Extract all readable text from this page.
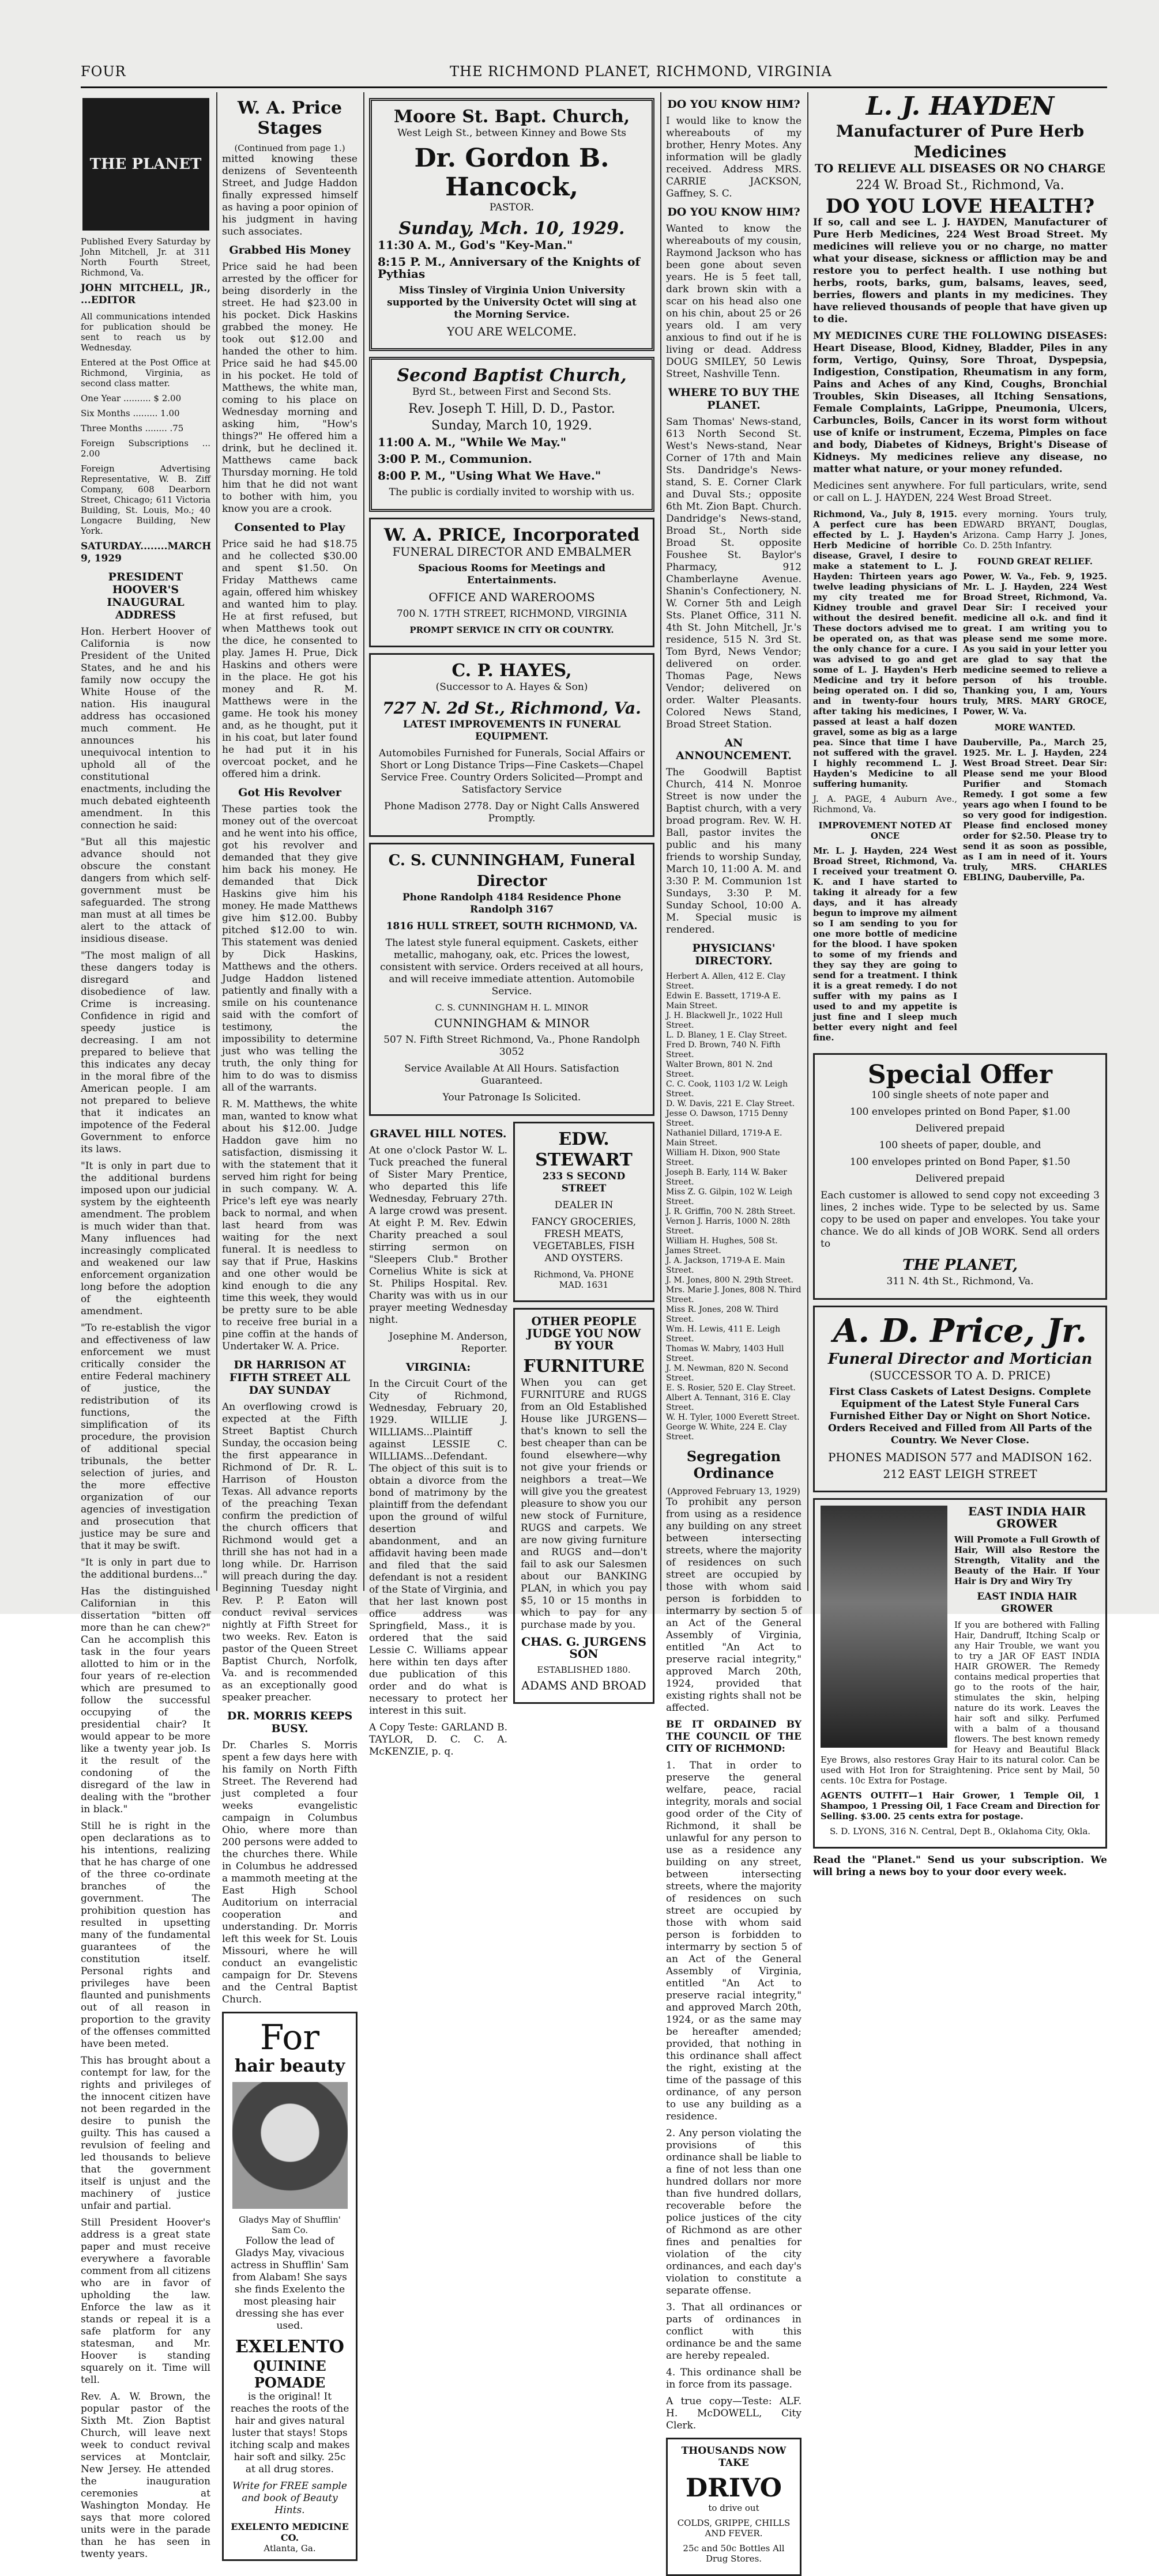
FOUR	THE RICHMOND PLANET, RICHMOND, VIRGINIA
THE PLANET

Published Every Saturday by John Mitchell, Jr. at 311 North Fourth Street, Richmond, Va.

JOHN MITCHELL, JR., ...EDITOR

All communications intended for publication should be sent to reach us by Wednesday.

Entered at the Post Office at Richmond, Virginia, as second class matter.

One Year .......... $ 2.00

Six Months ......... 1.00

Three Months ........ .75

Foreign Subscriptions ... 2.00

Foreign Advertising Representative, W. B. Ziff Company, 608 Dearborn Street, Chicago; 611 Victoria Building, St. Louis, Mo.; 40 Longacre Building, New York.

SATURDAY........MARCH 9, 1929

PRESIDENT HOOVER'S INAUGURAL ADDRESS

Hon. Herbert Hoover of California is now President of the United States, and he and his family now occupy the White House of the nation. His inaugural address has occasioned much comment. He announces his unequivocal intention to uphold all of the constitutional enactments, including the much debated eighteenth amendment. In this connection he said:

"But all this majestic advance should not obscure the constant dangers from which self-government must be safeguarded. The strong man must at all times be alert to the attack of insidious disease.

"The most malign of all these dangers today is disregard and disobedience of law. Crime is increasing. Confidence in rigid and speedy justice is decreasing. I am not prepared to believe that this indicates any decay in the moral fibre of the American people. I am not prepared to believe that it indicates an impotence of the Federal Government to enforce its laws.

"It is only in part due to the additional burdens imposed upon our judicial system by the eighteenth amendment. The problem is much wider than that. Many influences had increasingly complicated and weakened our law enforcement organization long before the adoption of the eighteenth amendment.

"To re-establish the vigor and effectiveness of law enforcement we must critically consider the entire Federal machinery of justice, the redistribution of its functions, the simplification of its procedure, the provision of additional special tribunals, the better selection of juries, and the more effective organization of our agencies of investigation and prosecution that justice may be sure and that it may be swift.

"It is only in part due to the additional burdens..."

Has the distinguished Californian in this dissertation "bitten off more than he can chew?" Can he accomplish this task in the four years allotted to him or in the four years of re-election which are presumed to follow the successful occupying of the presidential chair? It would appear to be more like a twenty year job. Is it the result of the condoning of the disregard of the law in dealing with the "brother in black."

Still he is right in the open declarations as to his intentions, realizing that he has charge of one of the three co-ordinate branches of the government. The prohibition question has resulted in upsetting many of the fundamental guarantees of the constitution itself. Personal rights and privileges have been flaunted and punishments out of all reason in proportion to the gravity of the offenses committed have been meted.

This has brought about a contempt for law, for the rights and privileges of the innocent citizen have not been regarded in the desire to punish the guilty. This has caused a revulsion of feeling and led thousands to believe that the government itself is unjust and the machinery of justice unfair and partial.

Still President Hoover's address is a great state paper and must receive everywhere a favorable comment from all citizens who are in favor of upholding the law. Enforce the law as it stands or repeal it is a safe platform for any statesman, and Mr. Hoover is standing squarely on it. Time will tell.

Rev. A. W. Brown, the popular pastor of the Sixth Mt. Zion Baptist Church, will leave next week to conduct revival services at Montclair, New Jersey. He attended the inauguration ceremonies at Washington Monday. He says that more colored units were in the parade than he has seen in twenty years.

W. A. Price Stages
(Continued from page 1.)

mitted knowing these denizens of Seventeenth Street, and Judge Haddon finally expressed himself as having a poor opinion of his judgment in having such associates.

Grabbed His Money

Price said he had been arrested by the officer for being disorderly in the street. He had $23.00 in his pocket. Dick Haskins grabbed the money. He took out $12.00 and handed the other to him. Price said he had $45.00 in his pocket. He told of Matthews, the white man, coming to his place on Wednesday morning and asking him, "How's things?" He offered him a drink, but he declined it. Matthews came back Thursday morning. He told him that he did not want to bother with him, you know you are a crook.

Consented to Play

Price said he had $18.75 and he collected $30.00 and spent $1.50. On Friday Matthews came again, offered him whiskey and wanted him to play. He at first refused, but when Matthews took out the dice, he consented to play. James H. Prue, Dick Haskins and others were in the place. He got his money and R. M. Matthews were in the game. He took his money and, as he thought, put it in his coat, but later found he had put it in his overcoat pocket, and he offered him a drink.

Got His Revolver

These parties took the money out of the overcoat and he went into his office, got his revolver and demanded that they give him back his money. He demanded that Dick Haskins give him his money. He made Matthews give him $12.00. Bubby pitched $12.00 to win. This statement was denied by Dick Haskins, Matthews and the others. Judge Haddon listened patiently and finally with a smile on his countenance said with the comfort of testimony, the impossibility to determine just who was telling the truth, the only thing for him to do was to dismiss all of the warrants.

R. M. Matthews, the white man, wanted to know what about his $12.00. Judge Haddon gave him no satisfaction, dismissing it with the statement that it served him right for being in such company. W. A. Price's left eye was nearly back to normal, and when last heard from was waiting for the next funeral. It is needless to say that if Prue, Haskins and one other would be kind enough to die any time this week, they would be pretty sure to be able to receive free burial in a pine coffin at the hands of Undertaker W. A. Price.

DR HARRISON AT FIFTH STREET ALL DAY SUNDAY

An overflowing crowd is expected at the Fifth Street Baptist Church Sunday, the occasion being the first appearance in Richmond of Dr. R. L. Harrison of Houston Texas. All advance reports of the preaching Texan confirm the prediction of the church officers that Richmond would get a thrill she has not had in a long while. Dr. Harrison will preach during the day. Beginning Tuesday night Rev. P. P. Eaton will conduct revival services nightly at Fifth Street for two weeks. Rev. Eaton is pastor of the Queen Street Baptist Church, Norfolk, Va. and is recommended as an exceptionally good speaker preacher.

DR. MORRIS KEEPS BUSY.

Dr. Charles S. Morris spent a few days here with his family on North Fifth Street. The Reverend had just completed a four weeks evangelistic campaign in Columbus Ohio, where more than 200 persons were added to the churches there. While in Columbus he addressed a mammoth meeting at the East High School Auditorium on interracial cooperation and understanding. Dr. Morris left this week for St. Louis Missouri, where he will conduct an evangelistic campaign for Dr. Stevens and the Central Baptist Church.

For
hair beauty
Gladys May of Shufflin' Sam Co.

Follow the lead of Gladys May, vivacious actress in Shufflin' Sam from Alabam! She says she finds Exelento the most pleasing hair dressing she has ever used.

EXELENTO
QUININE POMADE

is the original! It reaches the roots of the hair and gives natural luster that stays! Stops itching scalp and makes hair soft and silky. 25c at all drug stores.

Write for FREE sample and book of Beauty Hints.

EXELENTO MEDICINE CO.
Atlanta, Ga.
Moore St. Bapt. Church,
West Leigh St., between Kinney and Bowe Sts
Dr. Gordon B. Hancock,
PASTOR.
Sunday, Mch. 10, 1929.
11:30 A. M., God's "Key-Man."
8:15 P. M., Anniversary of the Knights of Pythias
Miss Tinsley of Virginia Union University supported by the University Octet will sing at the Morning Service.
YOU ARE WELCOME.
Second Baptist Church,
Byrd St., between First and Second Sts.
Rev. Joseph T. Hill, D. D., Pastor.
Sunday, March 10, 1929.
11:00 A. M., "While We May."
3:00 P. M., Communion.
8:00 P. M., "Using What We Have."
The public is cordially invited to worship with us.
W. A. PRICE, Incorporated
FUNERAL DIRECTOR AND EMBALMER
Spacious Rooms for Meetings and Entertainments.
OFFICE AND WAREROOMS
700 N. 17TH STREET, RICHMOND, VIRGINIA
PROMPT SERVICE IN CITY OR COUNTRY.
C. P. HAYES,
(Successor to A. Hayes & Son)
727 N. 2d St., Richmond, Va.
LATEST IMPROVEMENTS IN FUNERAL EQUIPMENT.
Automobiles Furnished for Funerals, Social Affairs or Short or Long Distance Trips—Fine Caskets—Chapel Service Free. Country Orders Solicited—Prompt and Satisfactory Service
Phone Madison 2778. Day or Night Calls Answered Promptly.
C. S. CUNNINGHAM, Funeral Director
Phone Randolph 4184 Residence Phone Randolph 3167
1816 HULL STREET, SOUTH RICHMOND, VA.
The latest style funeral equipment. Caskets, either metallic, mahogany, oak, etc. Prices the lowest, consistent with service. Orders received at all hours, and will receive immediate attention. Automobile Service.
C. S. CUNNINGHAM H. L. MINOR
CUNNINGHAM & MINOR
507 N. Fifth Street Richmond, Va., Phone Randolph 3052
Service Available At All Hours. Satisfaction Guaranteed.
Your Patronage Is Solicited.
GRAVEL HILL NOTES.

At one o'clock Pastor W. L. Tuck preached the funeral of Sister Mary Prentice, who departed this life Wednesday, February 27th. A large crowd was present. At eight P. M. Rev. Edwin Charity preached a soul stirring sermon on "Sleepers Club." Brother Cornelius White is sick at St. Philips Hospital. Rev. Charity was with us in our prayer meeting Wednesday night.

Josephine M. Anderson, Reporter.

VIRGINIA:

In the Circuit Court of the City of Richmond, Wednesday, February 20, 1929. WILLIE J. WILLIAMS...Plaintiff against LESSIE C. WILLIAMS...Defendant. The object of this suit is to obtain a divorce from the bond of matrimony by the plaintiff from the defendant upon the ground of wilful desertion and abandonment, and an affidavit having been made and filed that the said defendant is not a resident of the State of Virginia, and that her last known post office address was Springfield, Mass., it is ordered that the said Lessie C. Williams appear here within ten days after due publication of this order and do what is necessary to protect her interest in this suit.

A Copy Teste: GARLAND B. TAYLOR, D. C. C. A. McKENZIE, p. q.

EDW. STEWART
233 S SECOND STREET
DEALER IN
FANCY GROCERIES, FRESH MEATS, VEGETABLES, FISH AND OYSTERS.
Richmond, Va. PHONE MAD. 1631
OTHER PEOPLE JUDGE YOU NOW BY YOUR
FURNITURE

When you can get FURNITURE and RUGS from an Old Established House like JURGENS—that's known to sell the best cheaper than can be found elsewhere—why not give your friends or neighbors a treat—We will give you the greatest pleasure to show you our new stock of Furniture, RUGS and carpets. We are now giving furniture and RUGS and—don't fail to ask our Salesmen about our BANKING PLAN, in which you pay $5, 10 or 15 months in which to pay for any purchase made by you.

CHAS. G. JURGENS SON
ESTABLISHED 1880.
ADAMS AND BROAD
DO YOU KNOW HIM?

I would like to know the whereabouts of my brother, Henry Motes. Any information will be gladly received. Address MRS. CARRIE JACKSON, Gaffney, S. C.

DO YOU KNOW HIM?

Wanted to know the whereabouts of my cousin, Raymond Jackson who has been gone about seven years. He is 5 feet tall, dark brown skin with a scar on his head also one on his chin, about 25 or 26 years old. I am very anxious to find out if he is living or dead. Address DOUG SMILEY, 50 Lewis Street, Nashville Tenn.

WHERE TO BUY THE PLANET.

Sam Thomas' News-stand, 613 North Second St. West's News-stand, Near Corner of 17th and Main Sts. Dandridge's News-stand, S. E. Corner Clark and Duval Sts.; opposite 6th Mt. Zion Bapt. Church. Dandridge's News-stand, Broad St., North side Broad St. opposite Foushee St. Baylor's Pharmacy, 912 Chamberlayne Avenue. Shanin's Confectionery, N. W. Corner 5th and Leigh Sts. Planet Office, 311 N. 4th St. John Mitchell, Jr.'s residence, 515 N. 3rd St. Tom Byrd, News Vendor; delivered on order. Thomas Page, News Vendor; delivered on order. Walter Pleasants. Colored News Stand, Broad Street Station.

AN ANNOUNCEMENT.

The Goodwill Baptist Church, 414 N. Monroe Street is now under the Baptist church, with a very broad program. Rev. W. H. Ball, pastor invites the public and his many friends to worship Sunday, March 10, 11:00 A. M. and 3:30 P. M. Communion 1st Sundays, 3:30 P. M. Sunday School, 10:00 A. M. Special music is rendered.

PHYSICIANS' DIRECTORY.

Herbert A. Allen, 412 E. Clay Street.

Edwin E. Bassett, 1719-A E. Main Street.

J. H. Blackwell Jr., 1022 Hull Street.

L. D. Blaney, 1 E. Clay Street.

Fred D. Brown, 740 N. Fifth Street.

Walter Brown, 801 N. 2nd Street.

C. C. Cook, 1103 1/2 W. Leigh Street.

D. W. Davis, 221 E. Clay Street.

Jesse O. Dawson, 1715 Denny Street.

Nathaniel Dillard, 1719-A E. Main Street.

William H. Dixon, 900 State Street.

Joseph B. Early, 114 W. Baker Street.

Miss Z. G. Gilpin, 102 W. Leigh Street.

J. R. Griffin, 700 N. 28th Street.

Vernon J. Harris, 1000 N. 28th Street.

William H. Hughes, 508 St. James Street.

J. A. Jackson, 1719-A E. Main Street.

J. M. Jones, 800 N. 29th Street.

Mrs. Marie J. Jones, 808 N. Third Street.

Miss R. Jones, 208 W. Third Street.

Wm. H. Lewis, 411 E. Leigh Street.

Thomas W. Mabry, 1403 Hull Street.

J. M. Newman, 820 N. Second Street.

E. S. Rosier, 520 E. Clay Street.

Albert A. Tennant, 316 E. Clay Street.

W. H. Tyler, 1000 Everett Street.

George W. White, 224 E. Clay Street.

Segregation Ordinance
(Approved February 13, 1929)

To prohibit any person from using as a residence any building on any street between intersecting streets, where the majority of residences on such street are occupied by those with whom said person is forbidden to intermarry by section 5 of an Act of the General Assembly of Virginia, entitled "An Act to preserve racial integrity," approved March 20th, 1924, provided that existing rights shall not be affected.

BE IT ORDAINED BY THE COUNCIL OF THE CITY OF RICHMOND:

1. That in order to preserve the general welfare, peace, racial integrity, morals and social good order of the City of Richmond, it shall be unlawful for any person to use as a residence any building on any street, between intersecting streets, where the majority of residences on such street are occupied by those with whom said person is forbidden to intermarry by section 5 of an Act of the General Assembly of Virginia, entitled "An Act to preserve racial integrity," and approved March 20th, 1924, or as the same may be hereafter amended; provided, that nothing in this ordinance shall affect the right, existing at the time of the passage of this ordinance, of any person to use any building as a residence.

2. Any person violating the provisions of this ordinance shall be liable to a fine of not less than one hundred dollars nor more than five hundred dollars, recoverable before the police justices of the city of Richmond as are other fines and penalties for violation of the city ordinances, and each day's violation to constitute a separate offense.

3. That all ordinances or parts of ordinances in conflict with this ordinance be and the same are hereby repealed.

4. This ordinance shall be in force from its passage.

A true copy—Teste: ALF. H. McDOWELL, City Clerk.

THOUSANDS NOW TAKE
DRIVO
to drive out
COLDS, GRIPPE, CHILLS AND FEVER.
25c and 50c Bottles All Drug Stores.
L. J. HAYDEN
Manufacturer of Pure Herb Medicines
TO RELIEVE ALL DISEASES OR NO CHARGE
224 W. Broad St., Richmond, Va.
DO YOU LOVE HEALTH?

If so, call and see L. J. HAYDEN, Manufacturer of Pure Herb Medicines, 224 West Broad Street. My medicines will relieve you or no charge, no matter what your disease, sickness or affliction may be and restore you to perfect health. I use nothing but herbs, roots, barks, gum, balsams, leaves, seed, berries, flowers and plants in my medicines. They have relieved thousands of people that have given up to die.

MY MEDICINES CURE THE FOLLOWING DISEASES: Heart Disease, Blood, Kidney, Bladder, Piles in any form, Vertigo, Quinsy, Sore Throat, Dyspepsia, Indigestion, Constipation, Rheumatism in any form, Pains and Aches of any Kind, Coughs, Bronchial Troubles, Skin Diseases, all Itching Sensations, Female Complaints, LaGrippe, Pneumonia, Ulcers, Carbuncles, Boils, Cancer in its worst form without use of knife or instrument, Eczema, Pimples on face and body, Diabetes of Kidneys, Bright's Disease of Kidneys. My medicines relieve any disease, no matter what nature, or your money refunded.

Medicines sent anywhere. For full particulars, write, send or call on L. J. HAYDEN, 224 West Broad Street.

Richmond, Va., July 8, 1915. A perfect cure has been effected by L. J. Hayden's Herb Medicine of horrible disease, Gravel, I desire to make a statement to L. J. Hayden: Thirteen years ago twelve leading physicians of my city treated me for Kidney trouble and gravel without the desired benefit. These doctors advised me to be operated on, as that was the only chance for a cure. I was advised to go and get some of L. J. Hayden's Herb Medicine and try it before being operated on. I did so, and in twenty-four hours after taking his medicines, I passed at least a half dozen gravel, some as big as a large pea. Since that time I have not suffered with the gravel. I highly recommend L. J. Hayden's Medicine to all suffering humanity.

J. A. PAGE, 4 Auburn Ave., Richmond, Va.

IMPROVEMENT NOTED AT ONCE

Mr. L. J. Hayden, 224 West Broad Street, Richmond, Va. I received your treatment O. K. and I have started to taking it already for a few days, and it has already begun to improve my ailment so I am sending to you for one more bottle of medicine for the blood. I have spoken to some of my friends and they say they are going to send for a treatment. I think it is a great remedy. I do not suffer with my pains as I used to and my appetite is just fine and I sleep much better every night and feel fine.

every morning. Yours truly, EDWARD BRYANT, Douglas, Arizona. Camp Harry J. Jones, Co. D. 25th Infantry.

FOUND GREAT RELIEF.

Power, W. Va., Feb. 9, 1925. Mr. L. J. Hayden, 224 West Broad Street, Richmond, Va. Dear Sir: I received your medicine all o.k. and find it great. I am writing you to please send me some more. As you said in your letter you are glad to say that the medicine seemed to relieve a person of his trouble. Thanking you, I am, Yours truly, MRS. MARY GROCE, Power, W. Va.

MORE WANTED.

Dauberville, Pa., March 25, 1925. Mr. L. J. Hayden, 224 West Broad Street. Dear Sir: Please send me your Blood Purifier and Stomach Remedy. I got some a few years ago when I found to be so very good for indigestion. Please find enclosed money order for $2.50. Please try to send it as soon as possible, as I am in need of it. Yours truly, MRS. CHARLES EBLING, Dauberville, Pa.

Special Offer
100 single sheets of note paper and
100 envelopes printed on Bond Paper, $1.00
Delivered prepaid
100 sheets of paper, double, and
100 envelopes printed on Bond Paper, $1.50
Delivered prepaid

Each customer is allowed to send copy not exceeding 3 lines, 2 inches wide. Type to be selected by us. Same copy to be used on paper and envelopes. You take your chance. We do all kinds of JOB WORK. Send all orders to

THE PLANET,
311 N. 4th St., Richmond, Va.
A. D. Price, Jr.
Funeral Director and Mortician
(SUCCESSOR TO A. D. PRICE)

First Class Caskets of Latest Designs. Complete Equipment of the Latest Style Funeral Cars Furnished Either Day or Night on Short Notice. Orders Received and Filled from All Parts of the Country. We Never Close.

PHONES MADISON 577 and MADISON 162.
212 EAST LEIGH STREET
EAST INDIA HAIR GROWER

Will Promote a Full Growth of Hair, Will also Restore the Strength, Vitality and the Beauty of the Hair. If Your Hair is Dry and Wiry Try

EAST INDIA HAIR GROWER

If you are bothered with Falling Hair, Dandruff, Itching Scalp or any Hair Trouble, we want you to try a JAR OF EAST INDIA HAIR GROWER. The Remedy contains medical properties that go to the roots of the hair, stimulates the skin, helping nature do its work. Leaves the hair soft and silky. Perfumed with a balm of a thousand flowers. The best known remedy for Heavy and Beautiful Black Eye Brows, also restores Gray Hair to its natural color. Can be used with Hot Iron for Straightening. Price sent by Mail, 50 cents. 10c Extra for Postage.

AGENTS OUTFIT—1 Hair Grower, 1 Temple Oil, 1 Shampoo, 1 Pressing Oil, 1 Face Cream and Direction for Selling. $3.00. 25 cents extra for postage.

S. D. LYONS, 316 N. Central, Dept B., Oklahoma City, Okla.

Read the "Planet." Send us your subscription. We will bring a news boy to your door every week.
